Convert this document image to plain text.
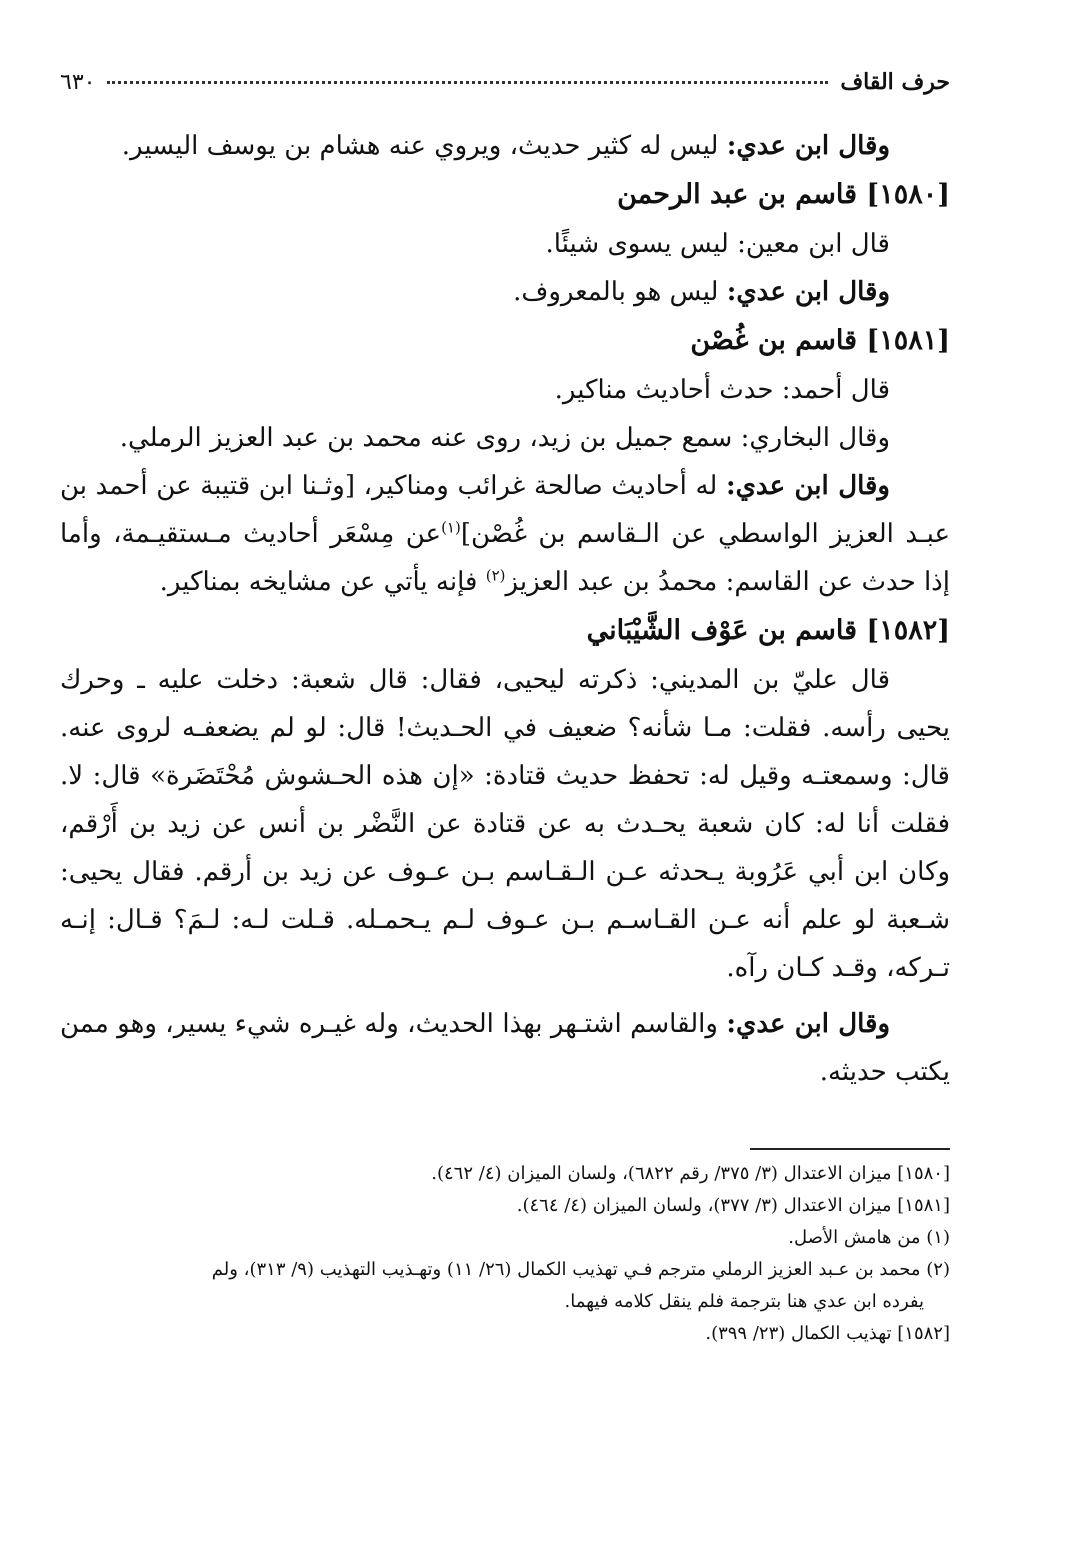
حرف القاف
٦٣٠

وقال ابن عدي: ليس له كثير حديث، ويروي عنه هشام بن يوسف اليسير.

[١٥٨٠] قاسم بن عبد الرحمن

قال ابن معين: ليس يسوى شيئًا.

وقال ابن عدي: ليس هو بالمعروف.

[١٥٨١] قاسم بن غُصْن

قال أحمد: حدث أحاديث مناكير.

وقال البخاري: سمع جميل بن زيد، روى عنه محمد بن عبد العزيز الرملي.

وقال ابن عدي: له أحاديث صالحة غرائب ومناكير، [وثـنا ابن قتيبة عن أحمد بن عبـد العزيز الواسطي عن الـقاسم بن غُصْن]$^{(١)}$عن مِسْعَر أحاديث مـستقيـمة، وأما إذا حدث عن القاسم: محمدُ بن عبد العزيز$^{(٢)}$ فإنه يأتي عن مشايخه بمناكير.

[١٥٨٢] قاسم بن عَوْف الشَّيْبَاني

قال عليّ بن المديني: ذكرته ليحيى، فقال: قال شعبة: دخلت عليه ـ وحرك يحيى رأسه. فقلت: مـا شأنه؟ ضعيف في الحـديث! قال: لو لم يضعفـه لروى عنه. قال: وسمعتـه وقيل له: تحفظ حديث قتادة: «إن هذه الحـشوش مُحْتَضَرة» قال: لا. فقلت أنا له: كان شعبة يحـدث به عن قتادة عن النَّضْر بن أنس عن زيد بن أَرْقم، وكان ابن أبي عَرُوبة يـحدثه عـن الـقـاسم بـن عـوف عن زيد بن أرقم. فقال يحيى: شـعبة لو علم أنه عـن القـاسـم بـن عـوف لـم يـحمـله. قـلت لـه: لـمَ؟ قـال: إنـه تـركه، وقـد كـان رآه.

وقال ابن عدي: والقاسم اشتـهر بهذا الحديث، وله غيـره شيء يسير، وهو ممن يكتب حديثه.

[١٥٨٠] ميزان الاعتدال (٣/ ٣٧٥/ رقم ٦٨٢٢)، ولسان الميزان (٤/ ٤٦٢).

[١٥٨١] ميزان الاعتدال (٣/ ٣٧٧)، ولسان الميزان (٤/ ٤٦٤).

(١) من هامش الأصل.

(٢) محمد بن عـبد العزيز الرملي مترجم فـي تهذيب الكمال (٢٦/ ١١) وتهـذيب التهذيب (٩/ ٣١٣)، ولم

يفرده ابن عدي هنا بترجمة فلم ينقل كلامه فيهما.

[١٥٨٢] تهذيب الكمال (٢٣/ ٣٩٩).
